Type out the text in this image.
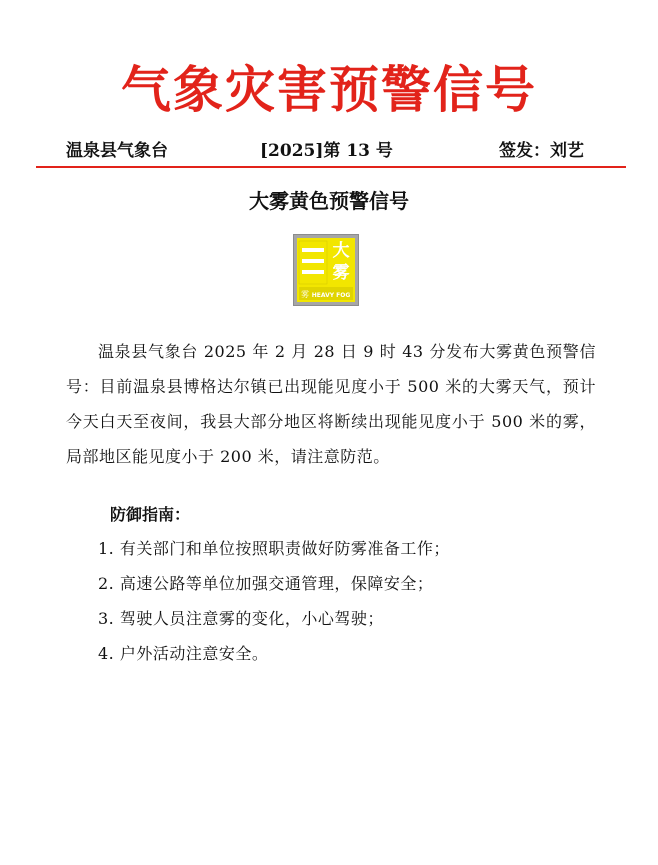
气象灾害预警信号
温泉县气象台	[2025]第 13 号	签发：刘艺
大雾黄色预警信号
大雾
雾 HEAVY FOG
温泉县气象台 2025 年 2 月 28 日 9 时 43 分发布大雾黄色预警信号：目前温泉县博格达尔镇已出现能见度小于 500 米的大雾天气，预计今天白天至夜间，我县大部分地区将断续出现能见度小于 500 米的雾，局部地区能见度小于 200 米，请注意防范。
防御指南：
1. 有关部门和单位按照职责做好防雾准备工作；
2. 高速公路等单位加强交通管理，保障安全；
3. 驾驶人员注意雾的变化，小心驾驶；
4. 户外活动注意安全。
